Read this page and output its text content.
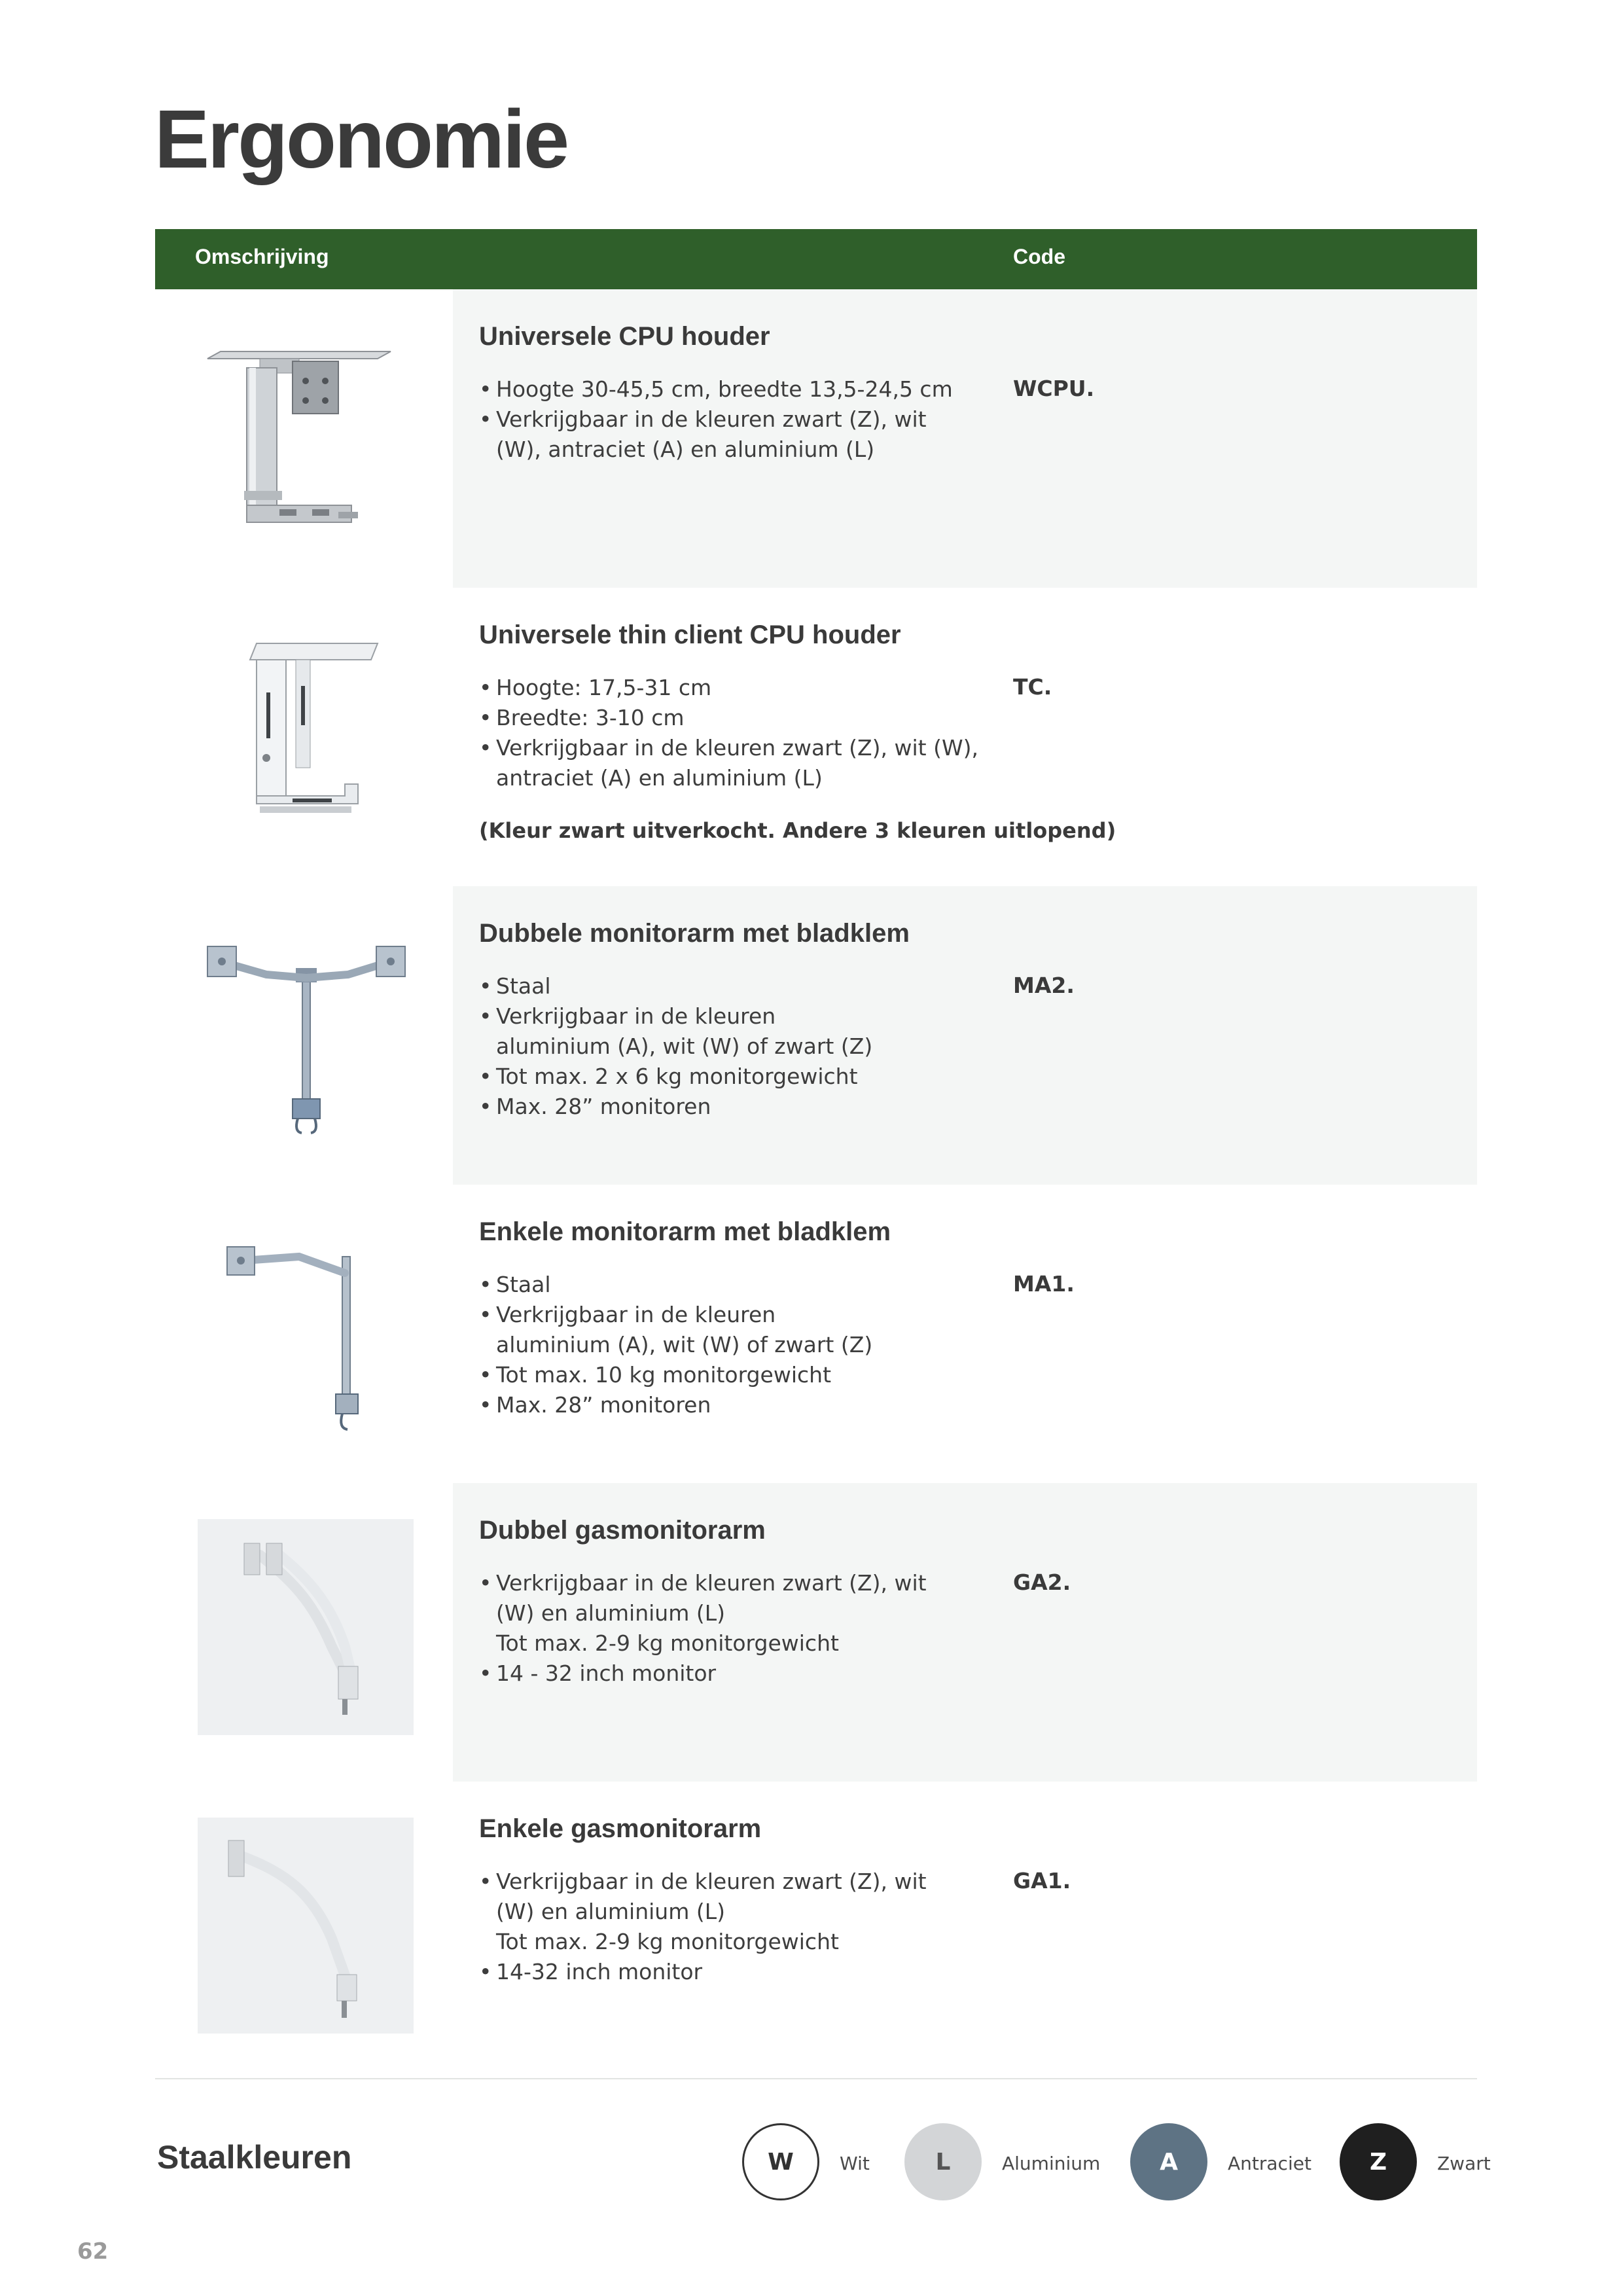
Ergonomie
Omschrijving	Code
Universele CPU houder
• Hoogte 30-45,5 cm, breedte 13,5-24,5 cm
• Verkrijgbaar in de kleuren zwart (Z), wit
(W), antraciet (A) en aluminium (L)
WCPU.
Universele thin client CPU houder
• Hoogte: 17,5-31 cm
• Breedte: 3-10 cm
• Verkrijgbaar in de kleuren zwart (Z), wit (W),
antraciet (A) en aluminium (L)

(Kleur zwart uitverkocht. Andere 3 kleuren uitlopend)

TC.
Dubbele monitorarm met bladklem
• Staal
• Verkrijgbaar in de kleuren
aluminium (A), wit (W) of zwart (Z)
• Tot max. 2 x 6 kg monitorgewicht
• Max. 28” monitoren
MA2.
Enkele monitorarm met bladklem
• Staal
• Verkrijgbaar in de kleuren
aluminium (A), wit (W) of zwart (Z)
• Tot max. 10 kg monitorgewicht
• Max. 28” monitoren
MA1.
Dubbel gasmonitorarm
• Verkrijgbaar in de kleuren zwart (Z), wit
(W) en aluminium (L)
Tot max. 2-9 kg monitorgewicht
• 14 - 32 inch monitor
GA2.
Enkele gasmonitorarm
• Verkrijgbaar in de kleuren zwart (Z), wit
(W) en aluminium (L)
Tot max. 2-9 kg monitorgewicht
• 14-32 inch monitor
GA1.
Staalkleuren	W	Wit	L	Aluminium	A	Antraciet	Z	Zwart
62
